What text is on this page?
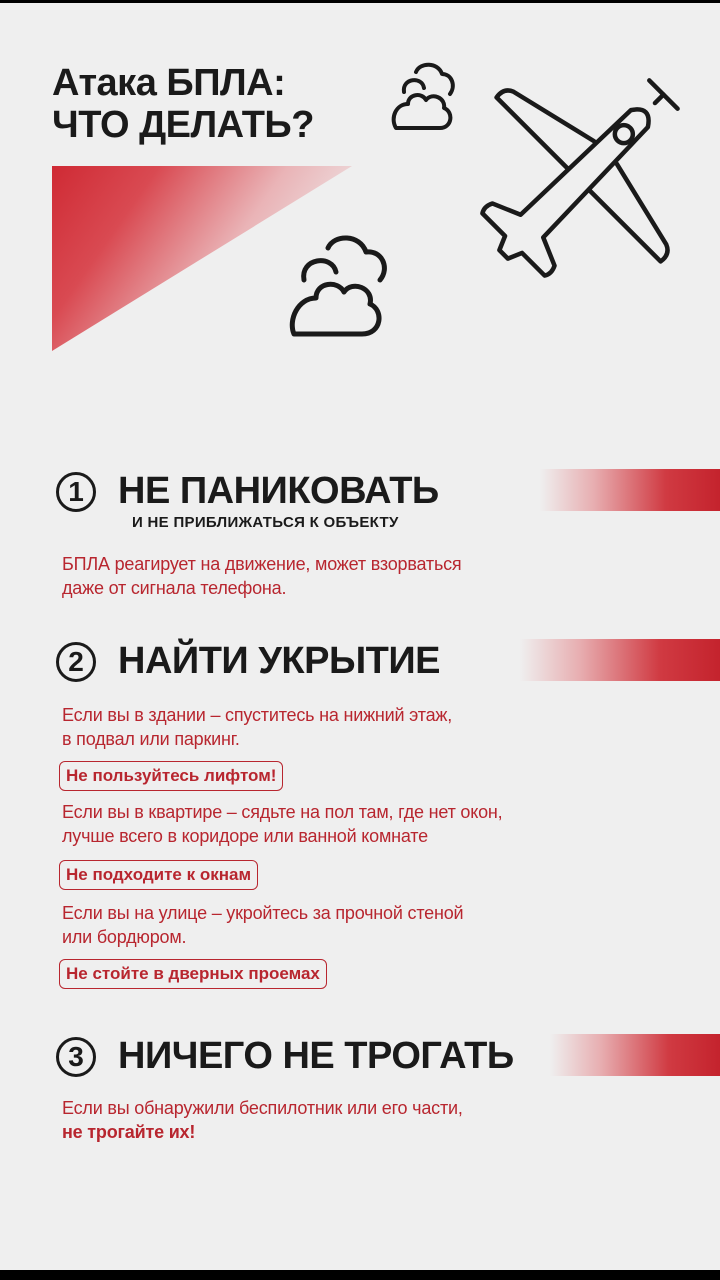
Атака БПЛА:
ЧТО ДЕЛАТЬ?
1 НЕ ПАНИКОВАТЬ
И НЕ ПРИБЛИЖАТЬСЯ К ОБЪЕКТУ
БПЛА реагирует на движение, может взорваться
даже от сигнала телефона.
2 НАЙТИ УКРЫТИЕ
Если вы в здании – спуститесь на нижний этаж,
в подвал или паркинг.
Не пользуйтесь лифтом!
Если вы в квартире – сядьте на пол там, где нет окон,
лучше всего в коридоре или ванной комнате
Не подходите к окнам
Если вы на улице – укройтесь за прочной стеной
или бордюром.
Не стойте в дверных проемах
3 НИЧЕГО НЕ ТРОГАТЬ
Если вы обнаружили беспилотник или его части,
не трогайте их!
